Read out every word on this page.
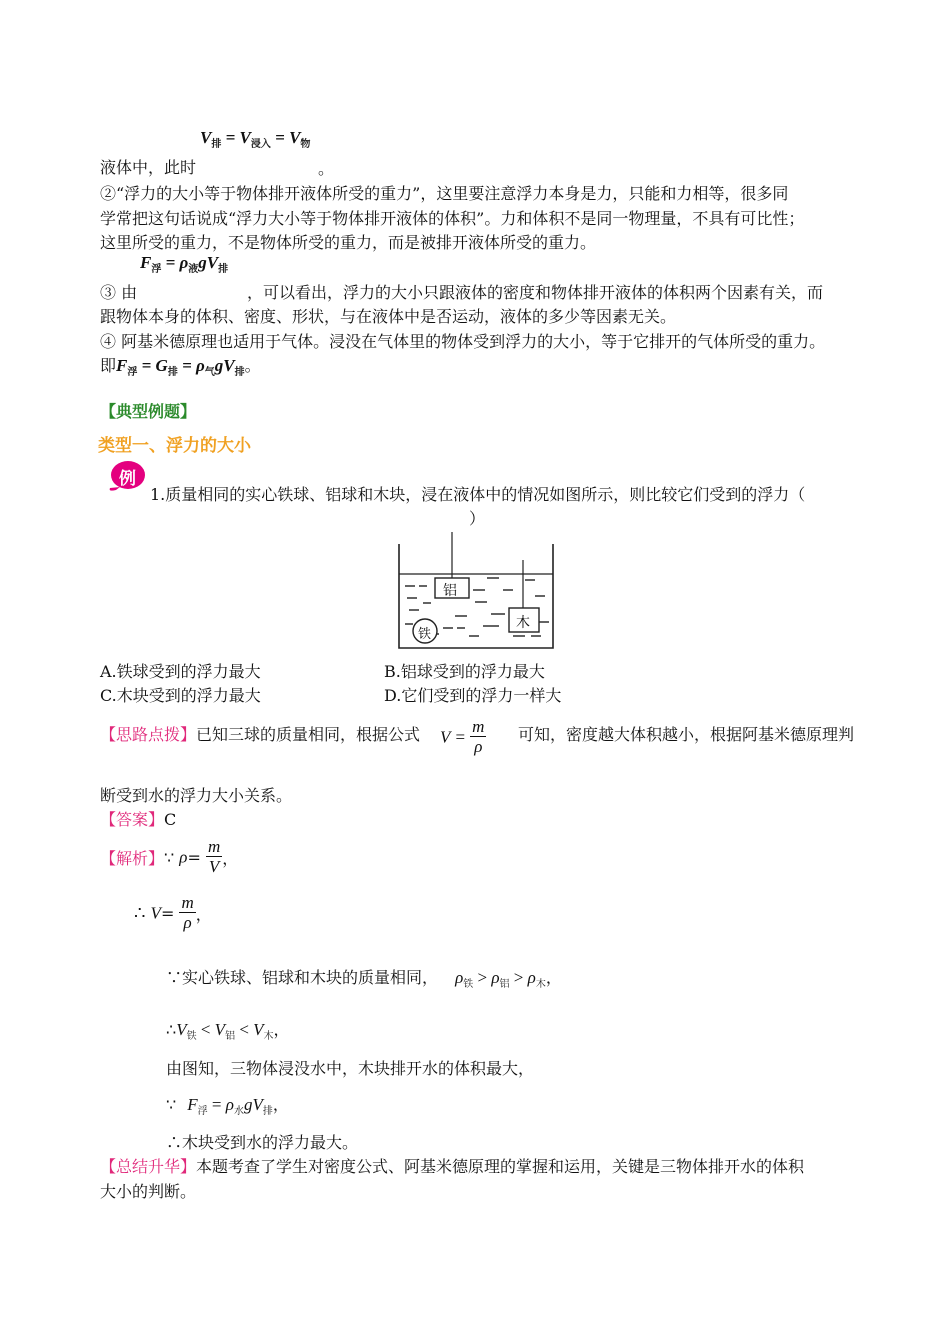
$V_排 = V_{浸入} = V_物$
液体中，此时	。
②“浮力的大小等于物体排开液体所受的重力”，这里要注意浮力本身是力，只能和力相等，很多同
学常把这句话说成“浮力大小等于物体排开液体的体积”。力和体积不是同一物理量，不具有可比性；
这里所受的重力，不是物体所受的重力，而是被排开液体所受的重力。
$F_浮 = \rho_液gV_排$
③ 由	，可以看出，浮力的大小只跟液体的密度和物体排开液体的体积两个因素有关，而
跟物体本身的体积、密度、形状，与在液体中是否运动，液体的多少等因素无关。
④ 阿基米德原理也适用于气体。浸没在气体里的物体受到浮力的大小，等于它排开的气体所受的重力。
即$F_浮 = G_排 = \rho_气gV_排$。
【典型例题】
类型一、浮力的大小
例
1.质量相同的实心铁球、铝球和木块，浸在液体中的情况如图所示，则比较它们受到的浮力（
）
铝
木
铁
A.铁球受到的浮力最大	B.铝球受到的浮力最大
C.木块受到的浮力最大	D.它们受到的浮力一样大
【思路点拨】已知三球的质量相同，根据公式 $V = \frac{m}{\rho}$ 可知，密度越大体积越小，根据阿基米德原理判
断受到水的浮力大小关系。
【答案】C
【解析】∵ $\rho= \frac{m}{V}$ ，
∴ $V= \frac{m}{\rho}$ ，
∵实心铁球、铝球和木块的质量相同， $\rho_铁 > \rho_铝 > \rho_木$，
$\therefore V_铁 < V_铝 < V_木$，
由图知，三物体浸没水中，木块排开水的体积最大，
∵ $F_浮 = \rho_水gV_排$，
∴木块受到水的浮力最大。
【总结升华】本题考查了学生对密度公式、阿基米德原理的掌握和运用，关键是三物体排开水的体积
大小的判断。
